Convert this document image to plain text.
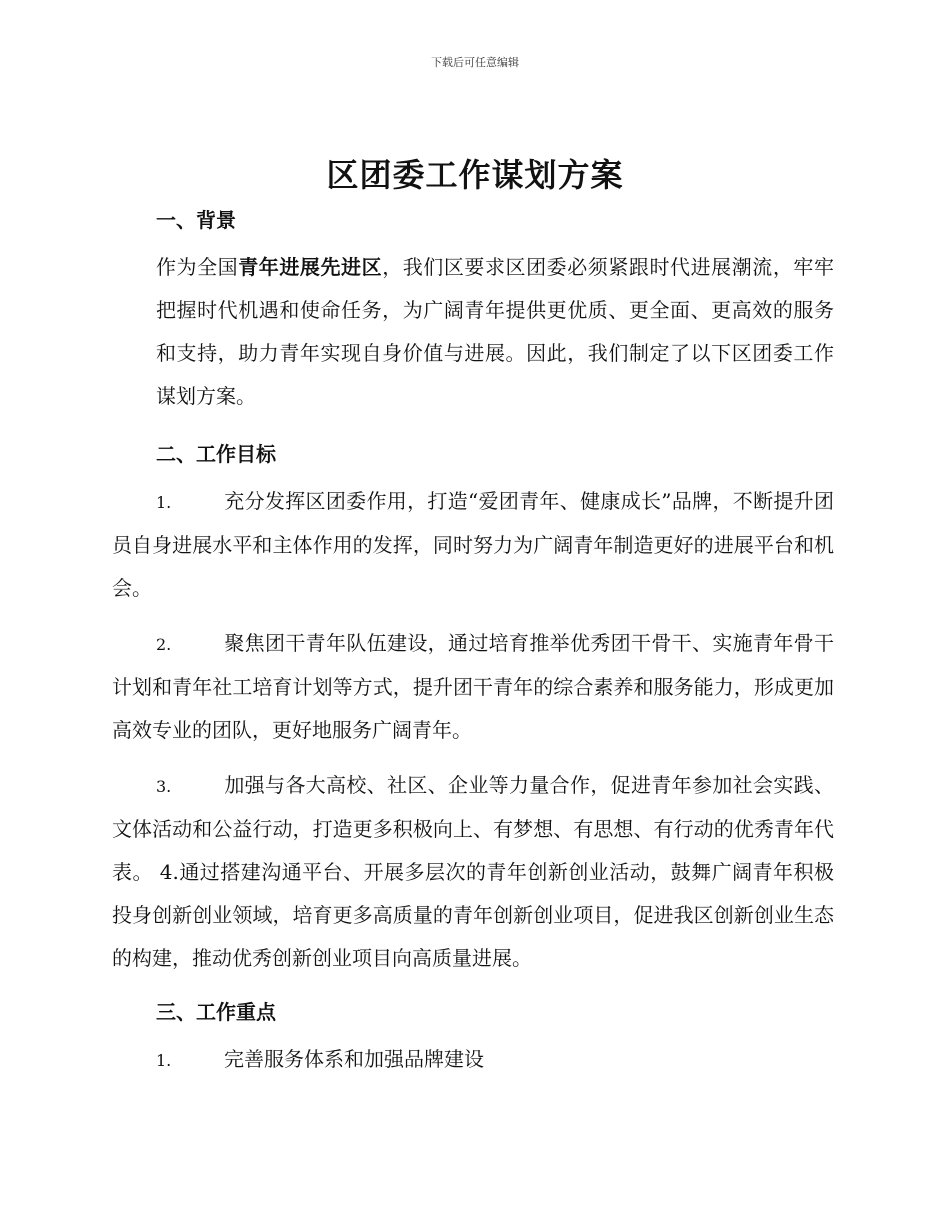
下载后可任意编辑
区团委工作谋划方案
一、背景
作为全国青年进展先进区，我们区要求区团委必须紧跟时代进展潮流，牢牢把握时代机遇和使命任务，为广阔青年提供更优质、更全面、更高效的服务和支持，助力青年实现自身价值与进展。因此，我们制定了以下区团委工作谋划方案。
二、工作目标
1.	充分发挥区团委作用，打造“爱团青年、健康成长”品牌，不断提升团员自身进展水平和主体作用的发挥，同时努力为广阔青年制造更好的进展平台和机会。
2.	聚焦团干青年队伍建设，通过培育推举优秀团干骨干、实施青年骨干计划和青年社工培育计划等方式，提升团干青年的综合素养和服务能力，形成更加高效专业的团队，更好地服务广阔青年。
3.	加强与各大高校、社区、企业等力量合作，促进青年参加社会实践、文体活动和公益行动，打造更多积极向上、有梦想、有思想、有行动的优秀青年代表。 4.通过搭建沟通平台、开展多层次的青年创新创业活动，鼓舞广阔青年积极投身创新创业领域，培育更多高质量的青年创新创业项目，促进我区创新创业生态的构建，推动优秀创新创业项目向高质量进展。
三、工作重点
1.	完善服务体系和加强品牌建设
